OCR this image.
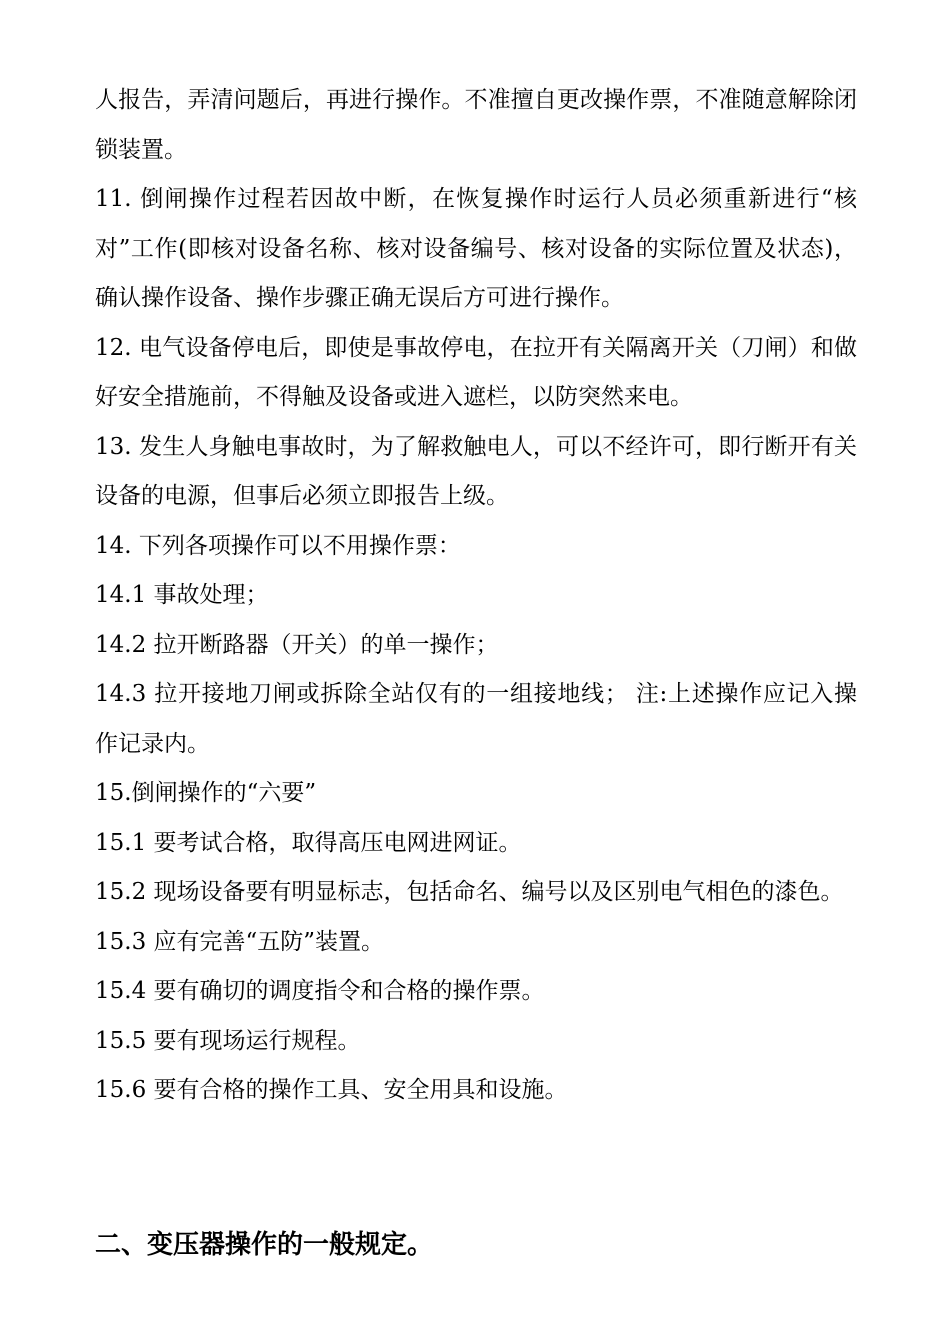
人报告，弄清问题后，再进行操作。不准擅自更改操作票，不准随意解除闭锁装置。

11. 倒闸操作过程若因故中断，在恢复操作时运行人员必须重新进行“核对”工作(即核对设备名称、核对设备编号、核对设备的实际位置及状态)，确认操作设备、操作步骤正确无误后方可进行操作。

12. 电气设备停电后，即使是事故停电，在拉开有关隔离开关（刀闸）和做好安全措施前，不得触及设备或进入遮栏，以防突然来电。

13. 发生人身触电事故时，为了解救触电人，可以不经许可，即行断开有关设备的电源，但事后必须立即报告上级。

14. 下列各项操作可以不用操作票：

14.1 事故处理；

14.2 拉开断路器（开关）的单一操作；

14.3 拉开接地刀闸或拆除全站仅有的一组接地线； 注:上述操作应记入操作记录内。

15.倒闸操作的“六要”

15.1 要考试合格，取得高压电网进网证。

15.2 现场设备要有明显标志，包括命名、编号以及区别电气相色的漆色。

15.3 应有完善“五防”装置。

15.4 要有确切的调度指令和合格的操作票。

15.5 要有现场运行规程。

15.6 要有合格的操作工具、安全用具和设施。

二、变压器操作的一般规定。
